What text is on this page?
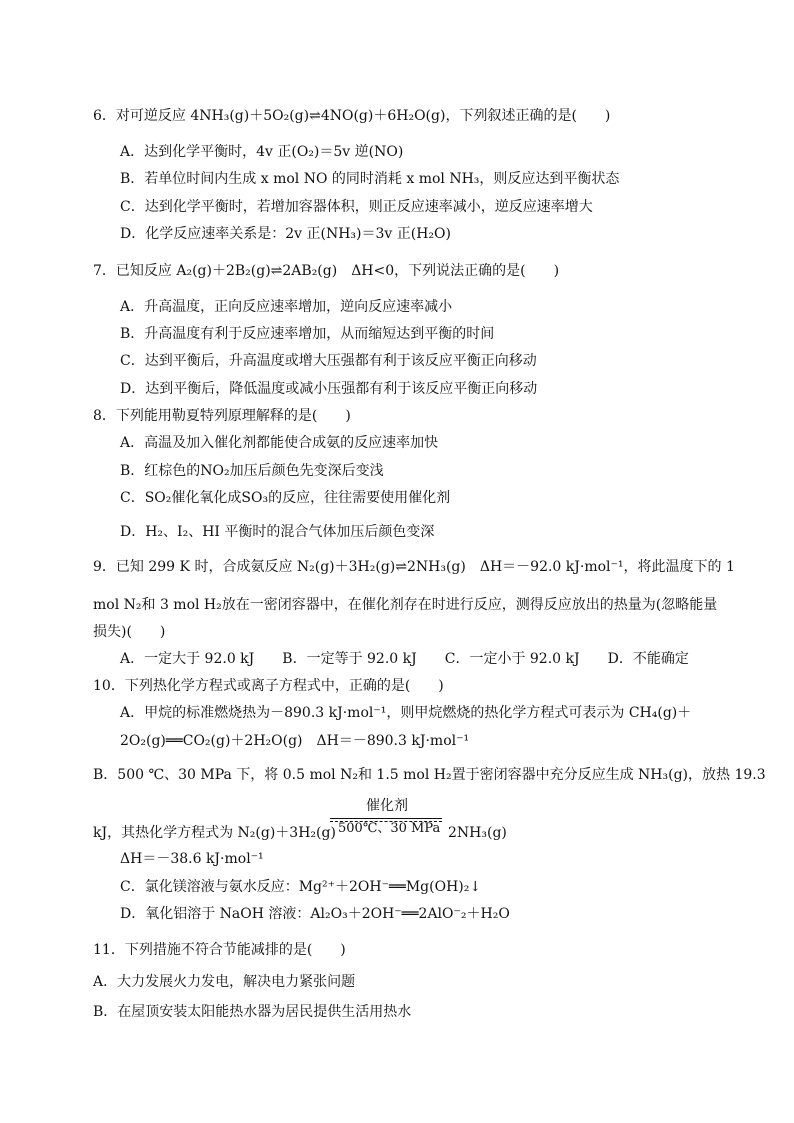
6．对可逆反应 4NH₃(g)＋5O₂(g)⇌4NO(g)＋6H₂O(g)，下列叙述正确的是(　　)
A．达到化学平衡时，4v 正(O₂)＝5v 逆(NO)
B．若单位时间内生成 x mol NO 的同时消耗 x mol NH₃，则反应达到平衡状态
C．达到化学平衡时，若增加容器体积，则正反应速率减小，逆反应速率增大
D．化学反应速率关系是：2v 正(NH₃)＝3v 正(H₂O)
7．已知反应 A₂(g)＋2B₂(g)⇌2AB₂(g)　ΔH<0，下列说法正确的是(　　)
A．升高温度，正向反应速率增加，逆向反应速率减小
B．升高温度有利于反应速率增加，从而缩短达到平衡的时间
C．达到平衡后，升高温度或增大压强都有利于该反应平衡正向移动
D．达到平衡后，降低温度或减小压强都有利于该反应平衡正向移动
8．下列能用勒夏特列原理解释的是(　　)
A．高温及加入催化剂都能使合成氨的反应速率加快
B．红棕色的NO₂加压后颜色先变深后变浅
C．SO₂催化氧化成SO₃的反应，往往需要使用催化剂
D．H₂、I₂、HI 平衡时的混合气体加压后颜色变深
9．已知 299 K 时，合成氨反应 N₂(g)＋3H₂(g)⇌2NH₃(g)　ΔH＝－92.0 kJ·mol⁻¹，将此温度下的 1
mol N₂和 3 mol H₂放在一密闭容器中，在催化剂存在时进行反应，测得反应放出的热量为(忽略能量
损失)(　　)
A．一定大于 92.0 kJ　　B．一定等于 92.0 kJ　　C．一定小于 92.0 kJ　　D．不能确定
10．下列热化学方程式或离子方程式中，正确的是(　　)
A．甲烷的标准燃烧热为－890.3 kJ·mol⁻¹，则甲烷燃烧的热化学方程式可表示为 CH₄(g)＋
2O₂(g)══CO₂(g)＋2H₂O(g)　ΔH＝－890.3 kJ·mol⁻¹
B．500 ℃、30 MPa 下，将 0.5 mol N₂和 1.5 mol H₂置于密闭容器中充分反应生成 NH₃(g)，放热 19.3
kJ，其热化学方程式为 N₂(g)＋3H₂(g)
催化剂
500℃、30 MPa 2NH₃(g)
ΔH＝－38.6 kJ·mol⁻¹
C．氯化镁溶液与氨水反应：Mg²⁺＋2OH⁻══Mg(OH)₂↓
D．氧化铝溶于 NaOH 溶液：Al₂O₃＋2OH⁻══2AlO⁻₂＋H₂O
11．下列措施不符合节能减排的是(　　)
A．大力发展火力发电，解决电力紧张问题
B．在屋顶安装太阳能热水器为居民提供生活用热水
